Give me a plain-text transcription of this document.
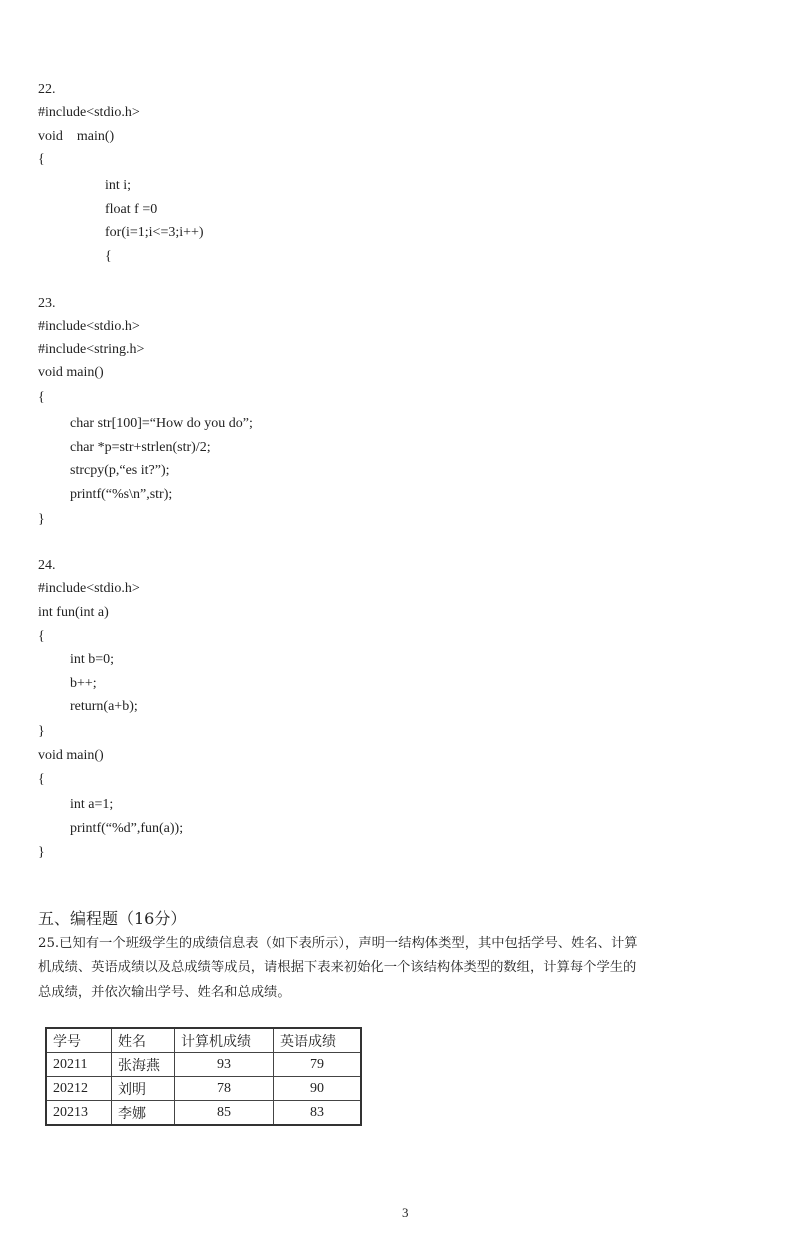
22.
#include<stdio.h>
void    main()
{
int i;
float f =0
for(i=1;i<=3;i++)
{
23.
#include<stdio.h>
#include<string.h>
void main()
{
char str[100]=“How do you do”;
char *p=str+strlen(str)/2;
strcpy(p,“es it?”);
printf(“%s\n”,str);
}
24.
#include<stdio.h>
int fun(int a)
{
int b=0;
b++;
return(a+b);
}
void main()
{
int a=1;
printf(“%d”,fun(a));
}
五、编程题（16分）
25.已知有一个班级学生的成绩信息表（如下表所示），声明一结构体类型，其中包括学号、姓名、计算
机成绩、英语成绩以及总成绩等成员，请根据下表来初始化一个该结构体类型的数组，计算每个学生的
总成绩，并依次输出学号、姓名和总成绩。
学号	姓名	计算机成绩	英语成绩
20211	张海燕	93	79
20212	刘明	78	90
20213	李娜	85	83
3
